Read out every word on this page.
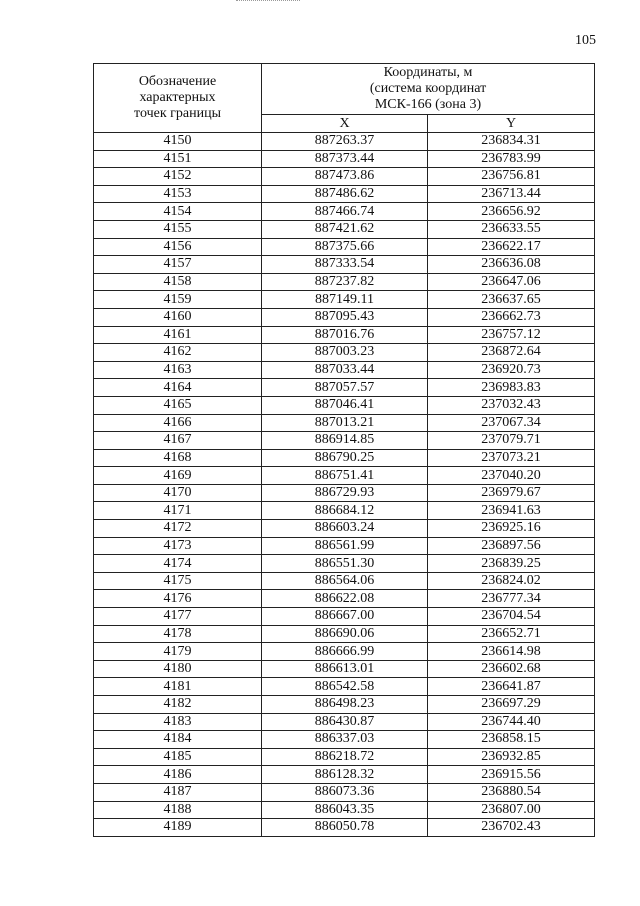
105
Обозначение
характерных
точек границы	Координаты, м
(система координат
МСК-166 (зона 3)	

	X	Y
4150	887263.37	236834.31
4151	887373.44	236783.99
4152	887473.86	236756.81
4153	887486.62	236713.44
4154	887466.74	236656.92
4155	887421.62	236633.55
4156	887375.66	236622.17
4157	887333.54	236636.08
4158	887237.82	236647.06
4159	887149.11	236637.65
4160	887095.43	236662.73
4161	887016.76	236757.12
4162	887003.23	236872.64
4163	887033.44	236920.73
4164	887057.57	236983.83
4165	887046.41	237032.43
4166	887013.21	237067.34
4167	886914.85	237079.71
4168	886790.25	237073.21
4169	886751.41	237040.20
4170	886729.93	236979.67
4171	886684.12	236941.63
4172	886603.24	236925.16
4173	886561.99	236897.56
4174	886551.30	236839.25
4175	886564.06	236824.02
4176	886622.08	236777.34
4177	886667.00	236704.54
4178	886690.06	236652.71
4179	886666.99	236614.98
4180	886613.01	236602.68
4181	886542.58	236641.87
4182	886498.23	236697.29
4183	886430.87	236744.40
4184	886337.03	236858.15
4185	886218.72	236932.85
4186	886128.32	236915.56
4187	886073.36	236880.54
4188	886043.35	236807.00
4189	886050.78	236702.43
